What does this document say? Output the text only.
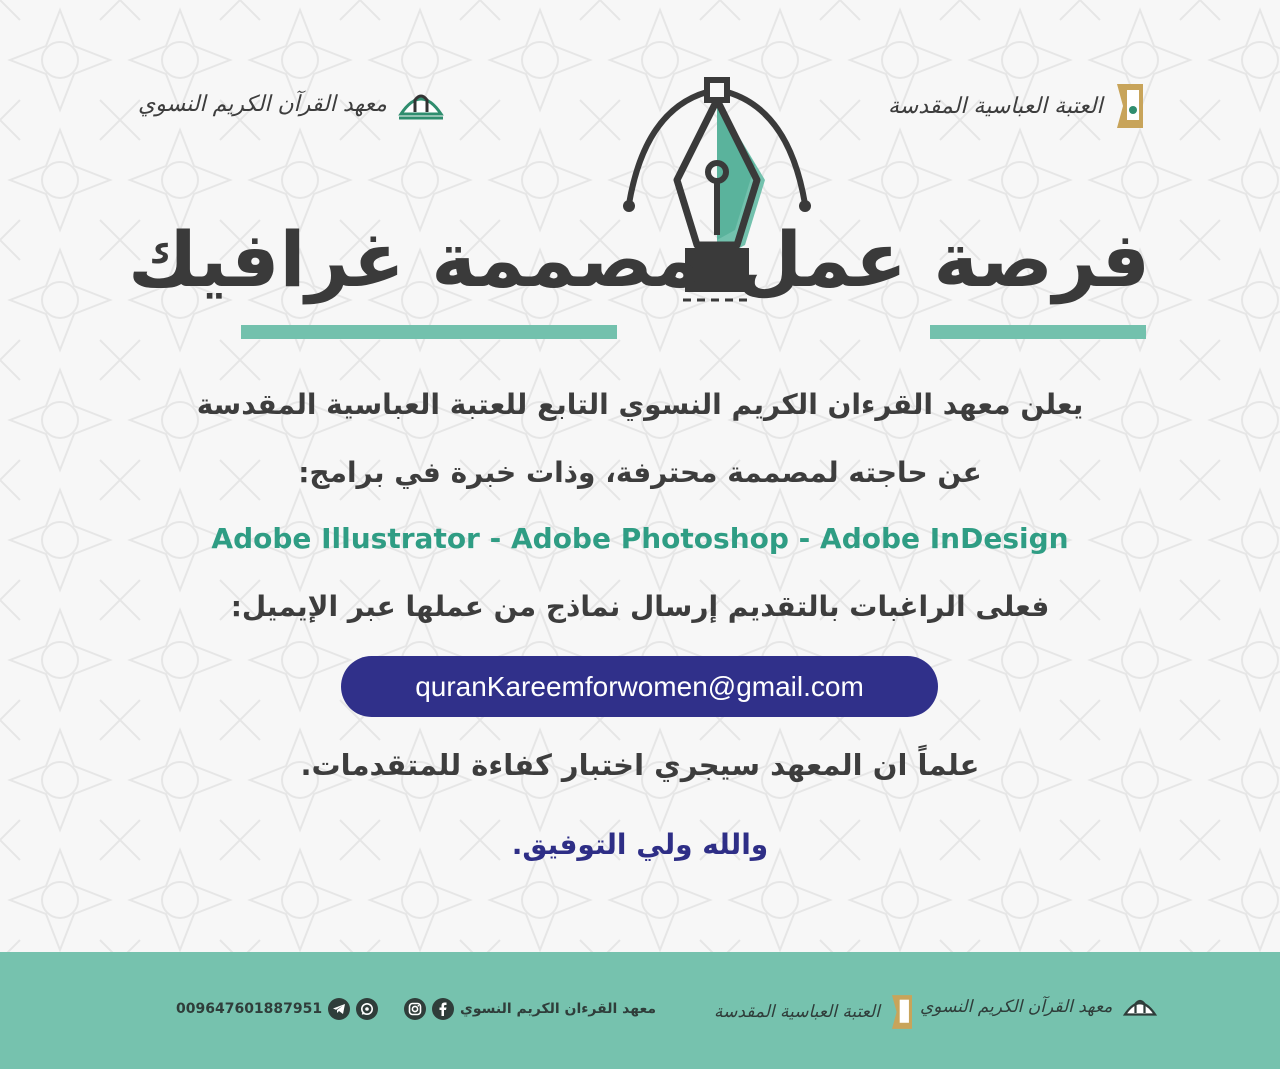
معهد القرآن الكريم النسوي	العتبة العباسية المقدسة
فرصة عمل
مصممة غرافيك
يعلن معهد القرءان الكريم النسوي التابع للعتبة العباسية المقدسة
عن حاجته لمصممة محترفة، وذات خبرة في برامج:
Adobe Illustrator - Adobe Photoshop - Adobe InDesign
فعلى الراغبات بالتقديم إرسال نماذج من عملها عبر الإيميل:
quranKareemforwomen@gmail.com
علماً ان المعهد سيجري اختبار كفاءة للمتقدمات.
والله ولي التوفيق.
معهد القرآن الكريم النسوي
العتبة العباسية المقدسة
معهد القرءان الكريم النسوي
009647601887951
